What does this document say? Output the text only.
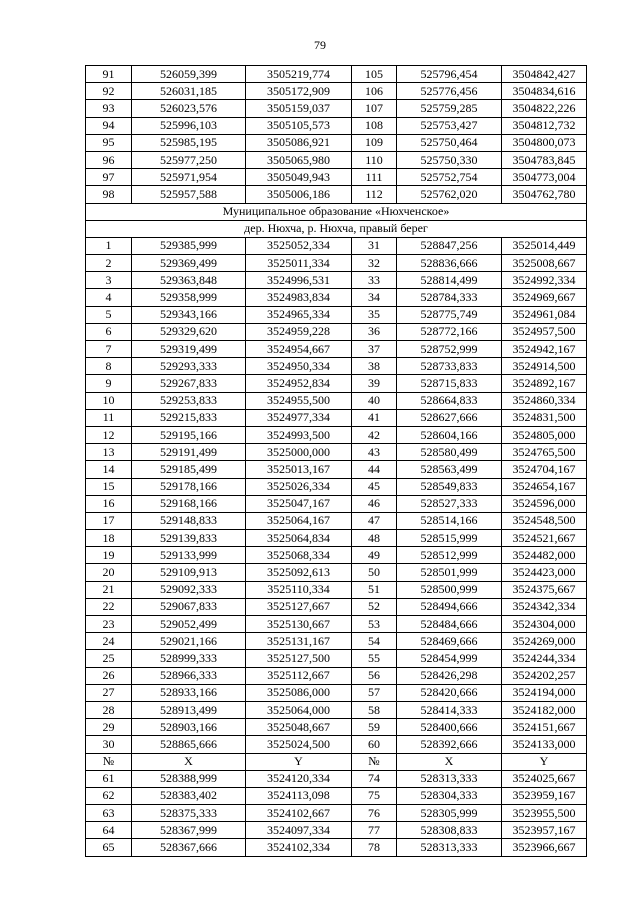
79
91	526059,399	3505219,774	105	525796,454	3504842,427
92	526031,185	3505172,909	106	525776,456	3504834,616
93	526023,576	3505159,037	107	525759,285	3504822,226
94	525996,103	3505105,573	108	525753,427	3504812,732
95	525985,195	3505086,921	109	525750,464	3504800,073
96	525977,250	3505065,980	110	525750,330	3504783,845
97	525971,954	3505049,943	111	525752,754	3504773,004
98	525957,588	3505006,186	112	525762,020	3504762,780
Муниципальное образование «Нюхченское»					
дер. Нюхча, р. Нюхча, правый берег					
1	529385,999	3525052,334	31	528847,256	3525014,449
2	529369,499	3525011,334	32	528836,666	3525008,667
3	529363,848	3524996,531	33	528814,499	3524992,334
4	529358,999	3524983,834	34	528784,333	3524969,667
5	529343,166	3524965,334	35	528775,749	3524961,084
6	529329,620	3524959,228	36	528772,166	3524957,500
7	529319,499	3524954,667	37	528752,999	3524942,167
8	529293,333	3524950,334	38	528733,833	3524914,500
9	529267,833	3524952,834	39	528715,833	3524892,167
10	529253,833	3524955,500	40	528664,833	3524860,334
11	529215,833	3524977,334	41	528627,666	3524831,500
12	529195,166	3524993,500	42	528604,166	3524805,000
13	529191,499	3525000,000	43	528580,499	3524765,500
14	529185,499	3525013,167	44	528563,499	3524704,167
15	529178,166	3525026,334	45	528549,833	3524654,167
16	529168,166	3525047,167	46	528527,333	3524596,000
17	529148,833	3525064,167	47	528514,166	3524548,500
18	529139,833	3525064,834	48	528515,999	3524521,667
19	529133,999	3525068,334	49	528512,999	3524482,000
20	529109,913	3525092,613	50	528501,999	3524423,000
21	529092,333	3525110,334	51	528500,999	3524375,667
22	529067,833	3525127,667	52	528494,666	3524342,334
23	529052,499	3525130,667	53	528484,666	3524304,000
24	529021,166	3525131,167	54	528469,666	3524269,000
25	528999,333	3525127,500	55	528454,999	3524244,334
26	528966,333	3525112,667	56	528426,298	3524202,257
27	528933,166	3525086,000	57	528420,666	3524194,000
28	528913,499	3525064,000	58	528414,333	3524182,000
29	528903,166	3525048,667	59	528400,666	3524151,667
30	528865,666	3525024,500	60	528392,666	3524133,000
№	X	Y	№	X	Y
61	528388,999	3524120,334	74	528313,333	3524025,667
62	528383,402	3524113,098	75	528304,333	3523959,167
63	528375,333	3524102,667	76	528305,999	3523955,500
64	528367,999	3524097,334	77	528308,833	3523957,167
65	528367,666	3524102,334	78	528313,333	3523966,667
